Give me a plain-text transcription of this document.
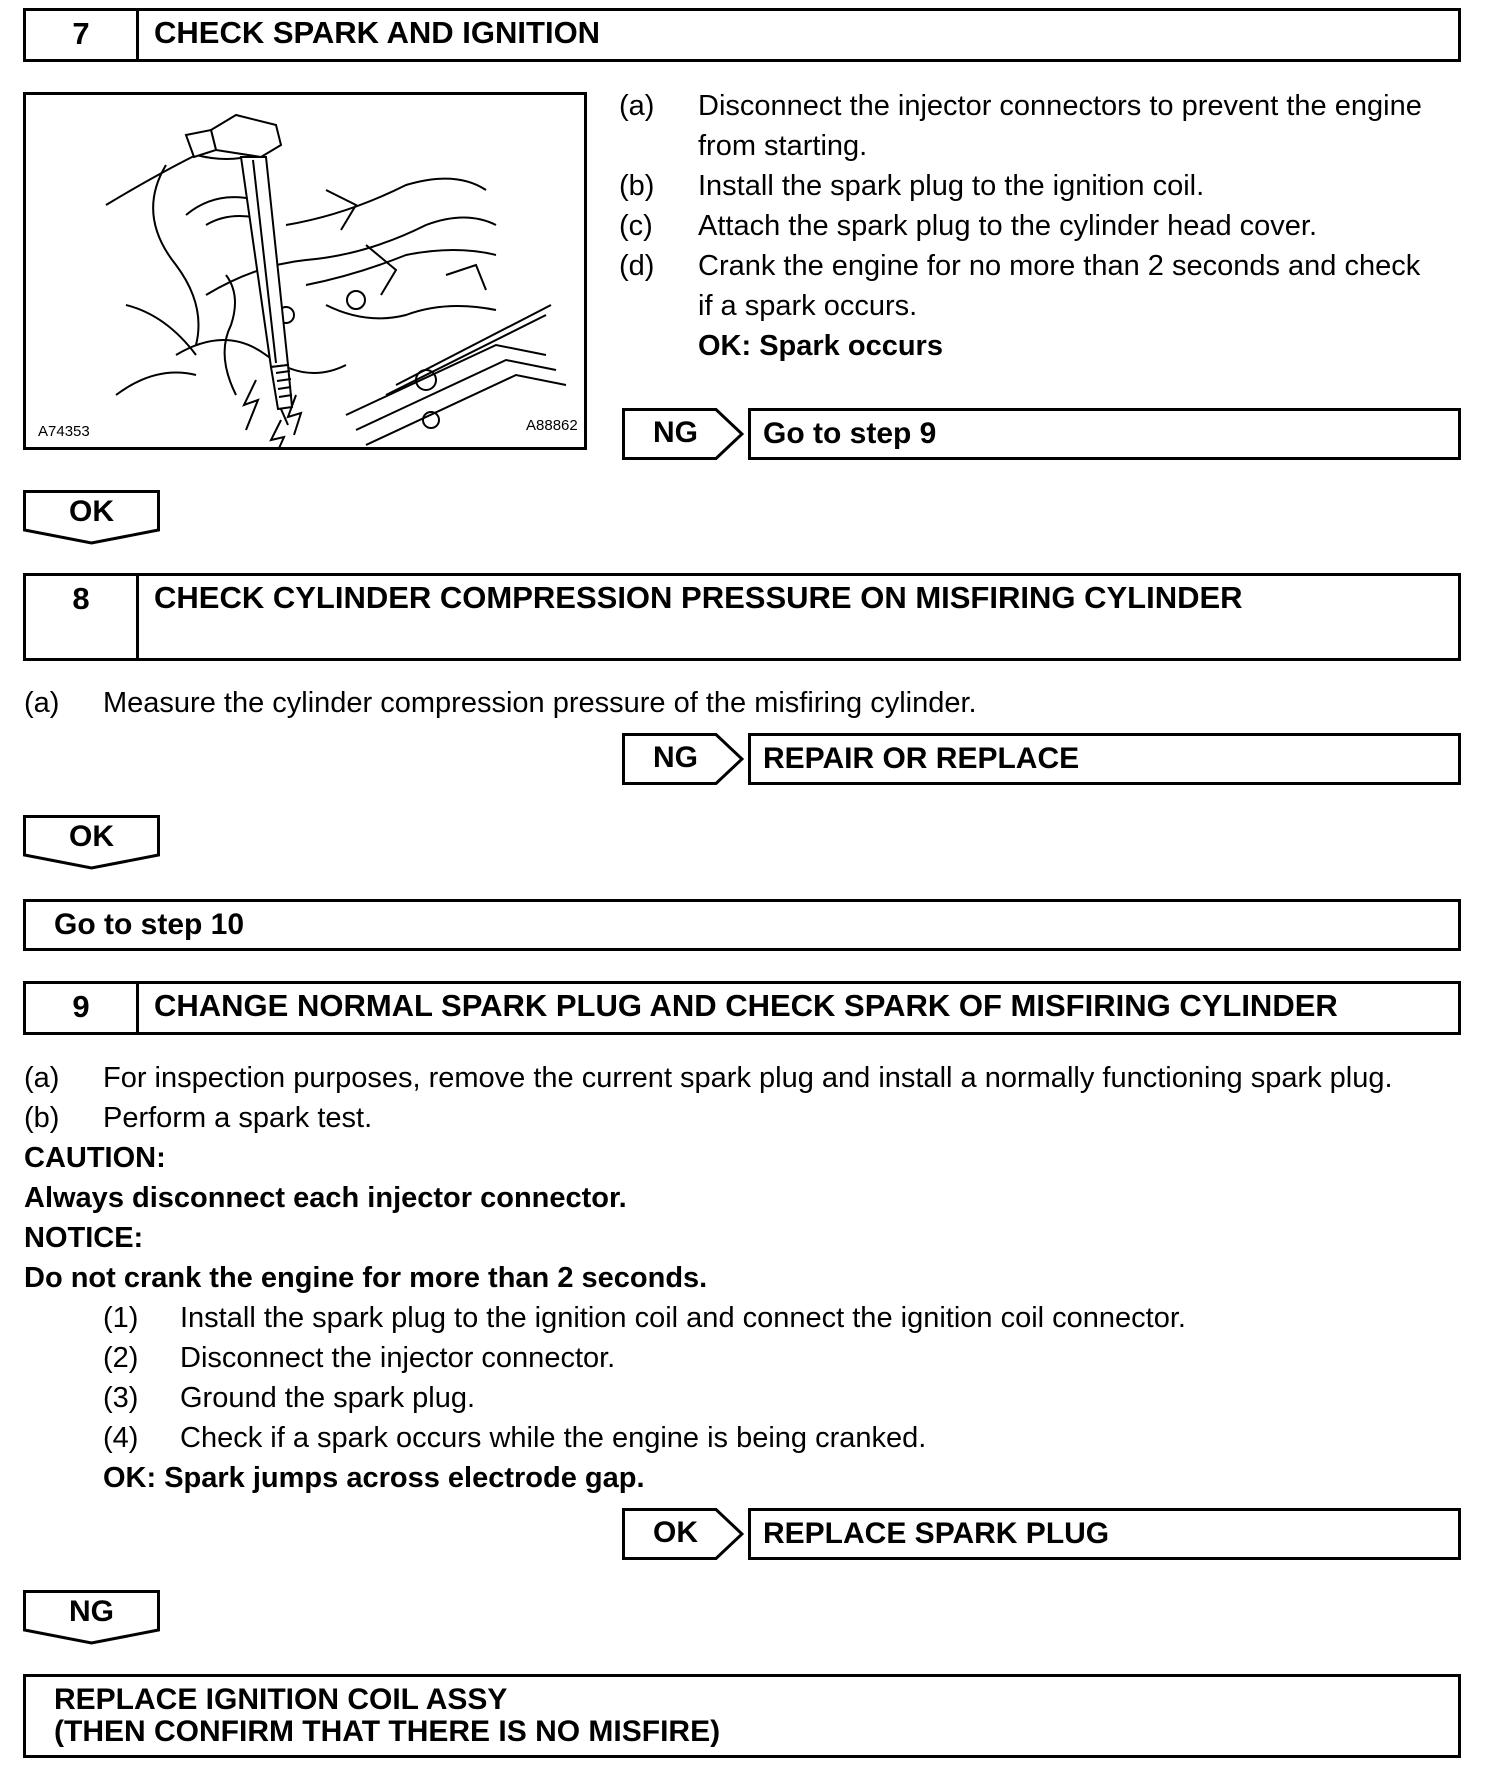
7	CHECK SPARK AND IGNITION
A74353	A88862
(a) Disconnect the injector connectors to prevent the engine
from starting.
(b) Install the spark plug to the ignition coil.
(c) Attach the spark plug to the cylinder head cover.
(d) Crank the engine for no more than 2 seconds and check
if a spark occurs.
OK: Spark occurs
NG	Go to step 9
OK
8	CHECK CYLINDER COMPRESSION PRESSURE ON MISFIRING CYLINDER
(a) Measure the cylinder compression pressure of the misfiring cylinder.
NG	REPAIR OR REPLACE
OK
Go to step 10
9	CHANGE NORMAL SPARK PLUG AND CHECK SPARK OF MISFIRING CYLINDER
(a) For inspection purposes, remove the current spark plug and install a normally functioning spark plug.
(b) Perform a spark test.
CAUTION:
Always disconnect each injector connector.
NOTICE:
Do not crank the engine for more than 2 seconds.
(1) Install the spark plug to the ignition coil and connect the ignition coil connector.
(2) Disconnect the injector connector.
(3) Ground the spark plug.
(4) Check if a spark occurs while the engine is being cranked.
OK: Spark jumps across electrode gap.
OK	REPLACE SPARK PLUG
NG
REPLACE IGNITION COIL ASSY
(THEN CONFIRM THAT THERE IS NO MISFIRE)
